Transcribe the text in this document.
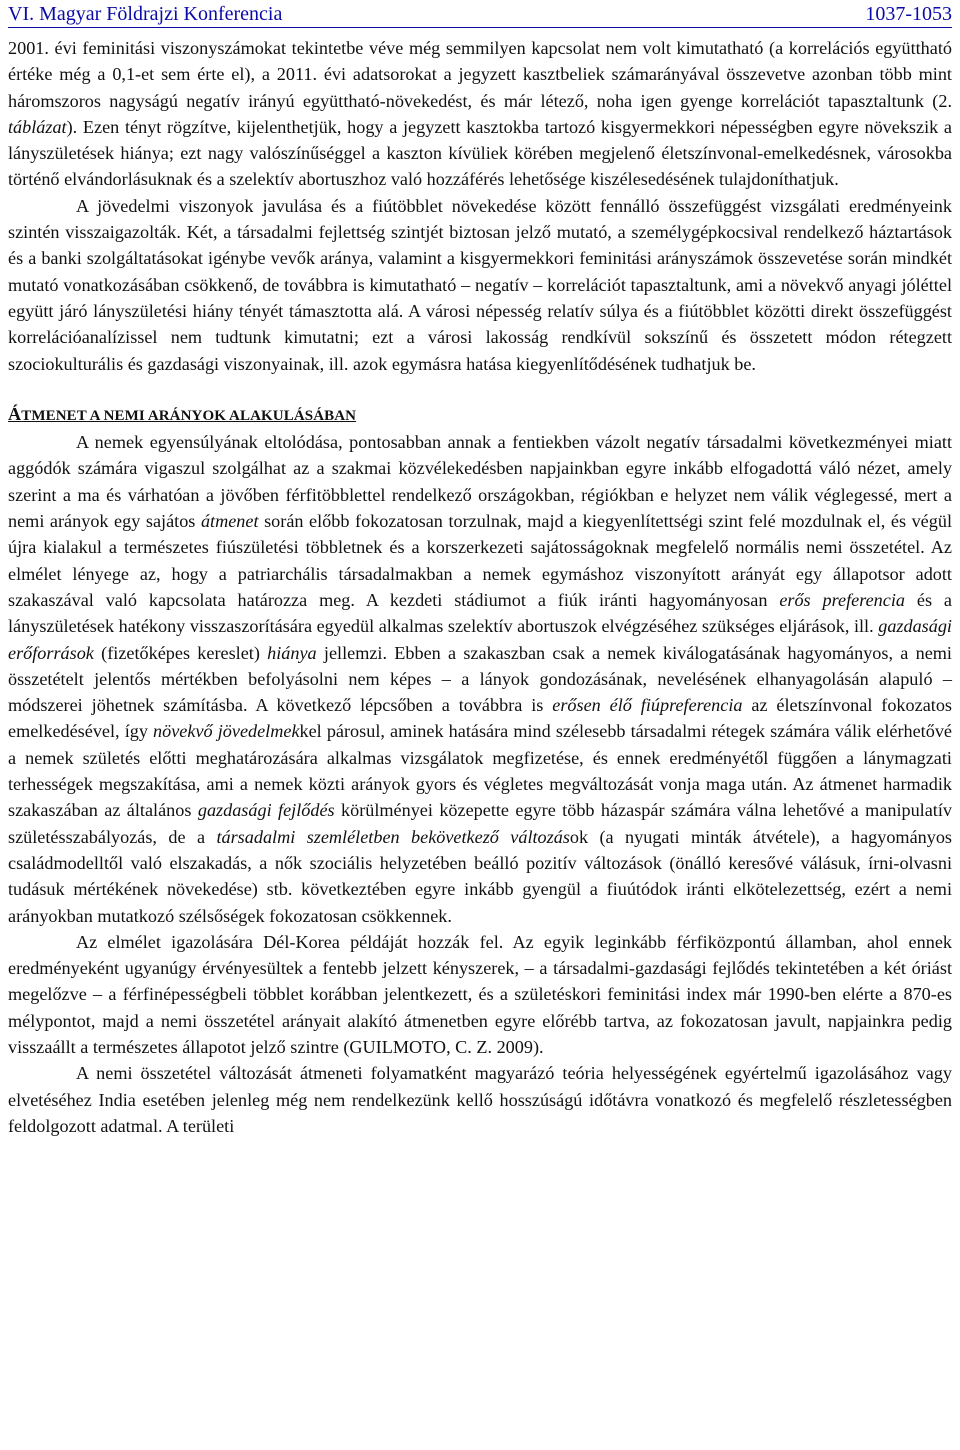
VI. Magyar Földrajzi Konferencia	1037-1053

2001. évi feminitási viszonyszámokat tekintetbe véve még semmilyen kapcsolat nem volt kimutatható (a korrelációs együttható értéke még a 0,1-et sem érte el), a 2011. évi adatsorokat a jegyzett kasztbeliek számarányával összevetve azonban több mint háromszoros nagyságú negatív irányú együttható-növekedést, és már létező, noha igen gyenge korrelációt tapasztaltunk (2. táblázat). Ezen tényt rögzítve, kijelenthetjük, hogy a jegyzett kasztokba tartozó kisgyermekkori népességben egyre növekszik a lányszületések hiánya; ezt nagy valószínűséggel a kaszton kívüliek körében megjelenő életszínvonal-emelkedésnek, városokba történő elvándorlásuknak és a szelektív abortuszhoz való hozzáférés lehetősége kiszélesedésének tulajdoníthatjuk.

A jövedelmi viszonyok javulása és a fiútöbblet növekedése között fennálló összefüggést vizsgálati eredményeink szintén visszaigazolták. Két, a társadalmi fejlettség szintjét biztosan jelző mutató, a személygépkocsival rendelkező háztartások és a banki szolgáltatásokat igénybe vevők aránya, valamint a kisgyermekkori feminitási arányszámok összevetése során mindkét mutató vonatkozásában csökkenő, de továbbra is kimutatható ‒ negatív ‒ korrelációt tapasztaltunk, ami a növekvő anyagi jóléttel együtt járó lányszületési hiány tényét támasztotta alá. A városi népesség relatív súlya és a fiútöbblet közötti direkt összefüggést korrelációanalízissel nem tudtunk kimutatni; ezt a városi lakosság rendkívül sokszínű és összetett módon rétegzett szociokulturális és gazdasági viszonyainak, ill. azok egymásra hatása kiegyenlítődésének tudhatjuk be.

ÁTMENET A NEMI ARÁNYOK ALAKULÁSÁBAN

A nemek egyensúlyának eltolódása, pontosabban annak a fentiekben vázolt negatív társadalmi következményei miatt aggódók számára vigaszul szolgálhat az a szakmai közvélekedésben napjainkban egyre inkább elfogadottá váló nézet, amely szerint a ma és várhatóan a jövőben férfitöbblettel rendelkező országokban, régiókban e helyzet nem válik véglegessé, mert a nemi arányok egy sajátos átmenet során előbb fokozatosan torzulnak, majd a kiegyenlítettségi szint felé mozdulnak el, és végül újra kialakul a természetes fiúszületési többletnek és a korszerkezeti sajátosságoknak megfelelő normális nemi összetétel. Az elmélet lényege az, hogy a patriarchális társadalmakban a nemek egymáshoz viszonyított arányát egy állapotsor adott szakaszával való kapcsolata határozza meg. A kezdeti stádiumot a fiúk iránti hagyományosan erős preferencia és a lányszületések hatékony visszaszorítására egyedül alkalmas szelektív abortuszok elvégzéséhez szükséges eljárások, ill. gazdasági erőforrások (fizetőképes kereslet) hiánya jellemzi. Ebben a szakaszban csak a nemek kiválogatásának hagyományos, a nemi összetételt jelentős mértékben befolyásolni nem képes – a lányok gondozásának, nevelésének elhanyagolásán alapuló – módszerei jöhetnek számításba. A következő lépcsőben a továbbra is erősen élő fiúpreferencia az életszínvonal fokozatos emelkedésével, így növekvő jövedelmekkel párosul, aminek hatására mind szélesebb társadalmi rétegek számára válik elérhetővé a nemek születés előtti meghatározására alkalmas vizsgálatok megfizetése, és ennek eredményétől függően a lánymagzati terhességek megszakítása, ami a nemek közti arányok gyors és végletes megváltozását vonja maga után. Az átmenet harmadik szakaszában az általános gazdasági fejlődés körülményei közepette egyre több házaspár számára válna lehetővé a manipulatív születésszabályozás, de a társadalmi szemléletben bekövetkező változások (a nyugati minták átvétele), a hagyományos családmodelltől való elszakadás, a nők szociális helyzetében beálló pozitív változások (önálló keresővé válásuk, írni-olvasni tudásuk mértékének növekedése) stb. következtében egyre inkább gyengül a fiuútódok iránti elkötelezettség, ezért a nemi arányokban mutatkozó szélsőségek fokozatosan csökkennek.

Az elmélet igazolására Dél-Korea példáját hozzák fel. Az egyik leginkább férfiközpontú államban, ahol ennek eredményeként ugyanúgy érvényesültek a fentebb jelzett kényszerek, – a társadalmi-gazdasági fejlődés tekintetében a két óriást megelőzve – a férfinépességbeli többlet korábban jelentkezett, és a születéskori feminitási index már 1990-ben elérte a 870-es mélypontot, majd a nemi összetétel arányait alakító átmenetben egyre előrébb tartva, az fokozatosan javult, napjainkra pedig visszaállt a természetes állapotot jelző szintre (GUILMOTO, C. Z. 2009).

A nemi összetétel változását átmeneti folyamatként magyarázó teória helyességének egyértelmű igazolásához vagy elvetéséhez India esetében jelenleg még nem rendelkezünk kellő hosszúságú időtávra vonatkozó és megfelelő részletességben feldolgozott adatmal. A területi
